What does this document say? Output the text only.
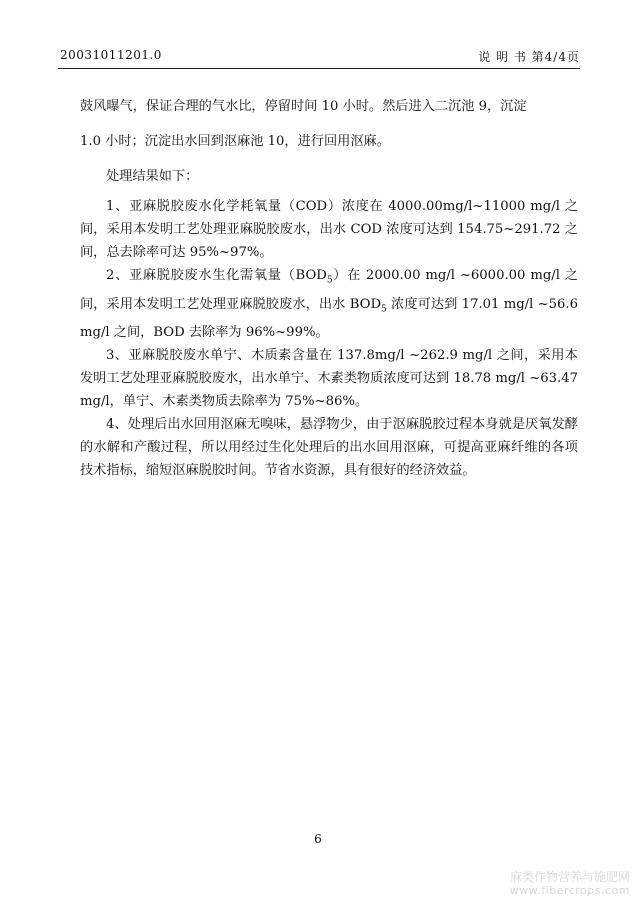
20031011201.0	说 明 书 第4/4页

鼓风曝气，保证合理的气水比，停留时间 10 小时。然后进入二沉池 9，沉淀

1.0 小时；沉淀出水回到沤麻池 10，进行回用沤麻。

处理结果如下：

1、亚麻脱胶废水化学耗氧量（COD）浓度在 4000.00mg/l~11000 mg/l 之间，采用本发明工艺处理亚麻脱胶废水，出水 COD 浓度可达到 154.75~291.72 之间，总去除率可达 95%~97%。

2、亚麻脱胶废水生化需氧量$(BOD_5)$在 2000.00 mg/l ~6000.00 mg/l 之间，采用本发明工艺处理亚麻脱胶废水，出水 $BOD_5$ 浓度可达到 17.01 mg/l ~56.6 mg/l 之间，BOD 去除率为 96%~99%。

3、亚麻脱胶废水单宁、木质素含量在 137.8mg/l ~262.9 mg/l 之间，采用本发明工艺处理亚麻脱胶废水，出水单宁、木素类物质浓度可达到 18.78 mg/l ~63.47 mg/l，单宁、木素类物质去除率为 75%~86%。

4、处理后出水回用沤麻无嗅味，悬浮物少，由于沤麻脱胶过程本身就是厌氧发酵的水解和产酸过程，所以用经过生化处理后的出水回用沤麻，可提高亚麻纤维的各项技术指标，缩短沤麻脱胶时间。节省水资源，具有很好的经济效益。

6
麻类作物营养与施肥网
www.fibercrops.com
